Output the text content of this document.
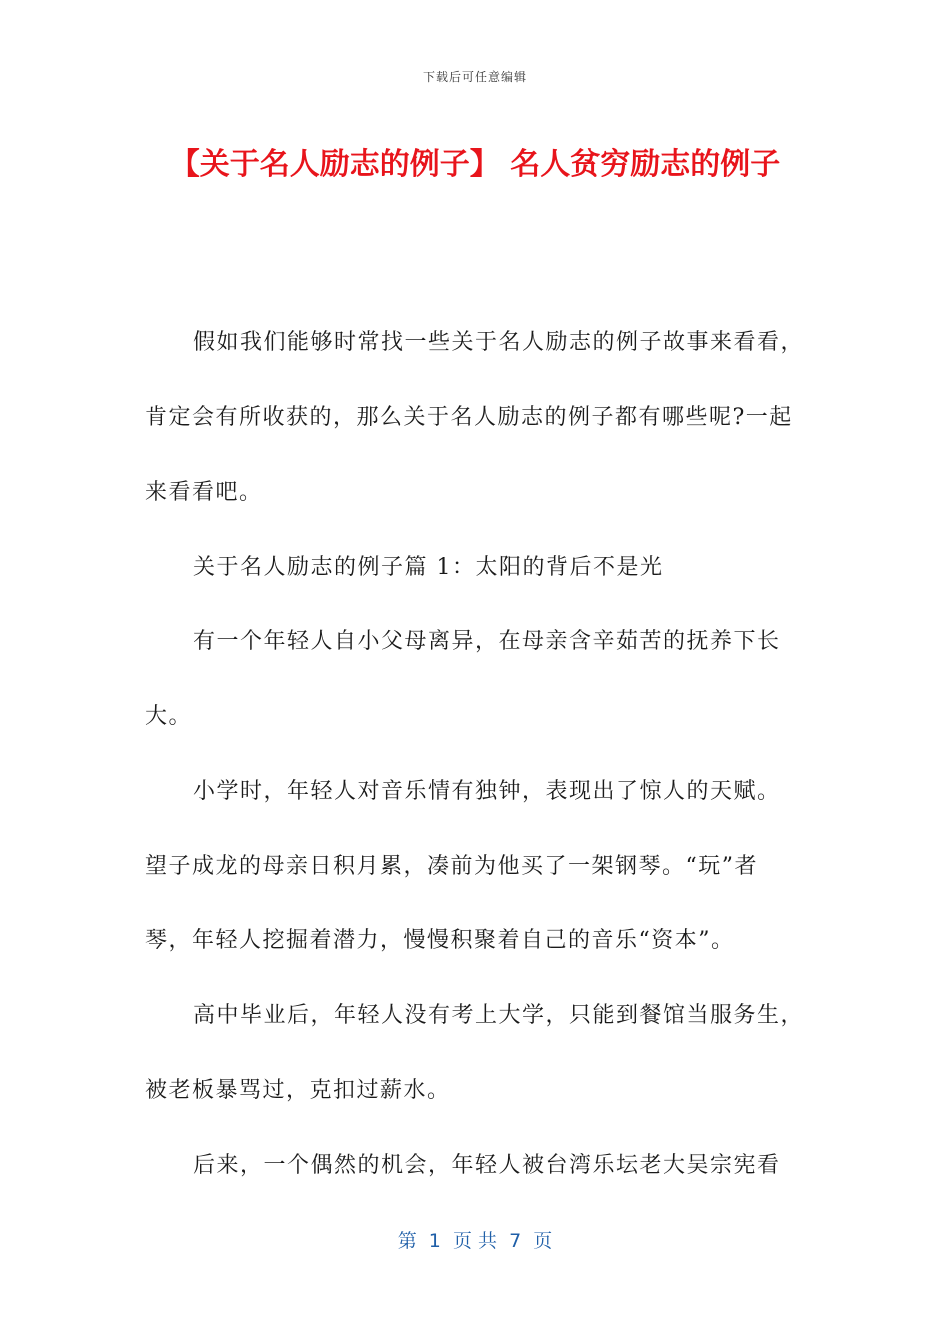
下载后可任意编辑
【关于名人励志的例子】 名人贫穷励志的例子
假如我们能够时常找一些关于名人励志的例子故事来看看，
肯定会有所收获的，那么关于名人励志的例子都有哪些呢?一起
来看看吧。
关于名人励志的例子篇 1：太阳的背后不是光
有一个年轻人自小父母离异，在母亲含辛茹苦的抚养下长
大。
小学时，年轻人对音乐情有独钟，表现出了惊人的天赋。
望子成龙的母亲日积月累，凑前为他买了一架钢琴。“玩”者
琴，年轻人挖掘着潜力，慢慢积聚着自己的音乐“资本”。
高中毕业后，年轻人没有考上大学，只能到餐馆当服务生，
被老板暴骂过，克扣过薪水。
后来，一个偶然的机会，年轻人被台湾乐坛老大吴宗宪看
第  1  页 共  7  页
